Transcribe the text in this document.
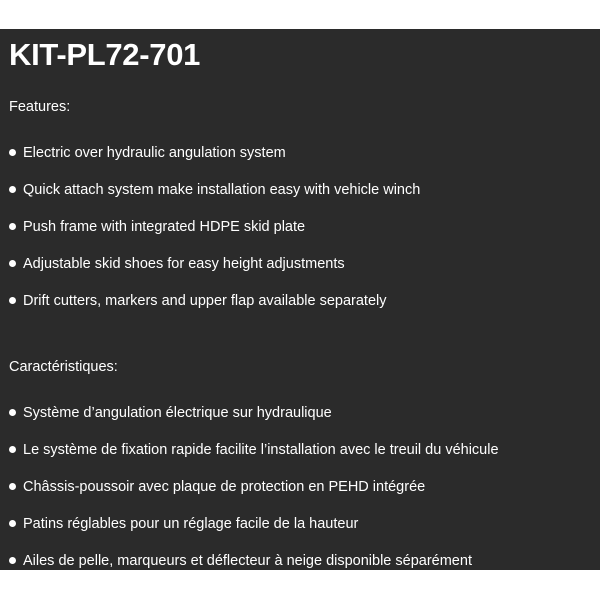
KIT-PL72-701

Features:

Electric over hydraulic angulation system
Quick attach system make installation easy with vehicle winch
Push frame with integrated HDPE skid plate
Adjustable skid shoes for easy height adjustments
Drift cutters, markers and upper flap available separately

Caractéristiques:

Système d’angulation électrique sur hydraulique
Le système de fixation rapide facilite l’installation avec le treuil du véhicule
Châssis-poussoir avec plaque de protection en PEHD intégrée
Patins réglables pour un réglage facile de la hauteur
Ailes de pelle, marqueurs et déflecteur à neige disponible séparément
